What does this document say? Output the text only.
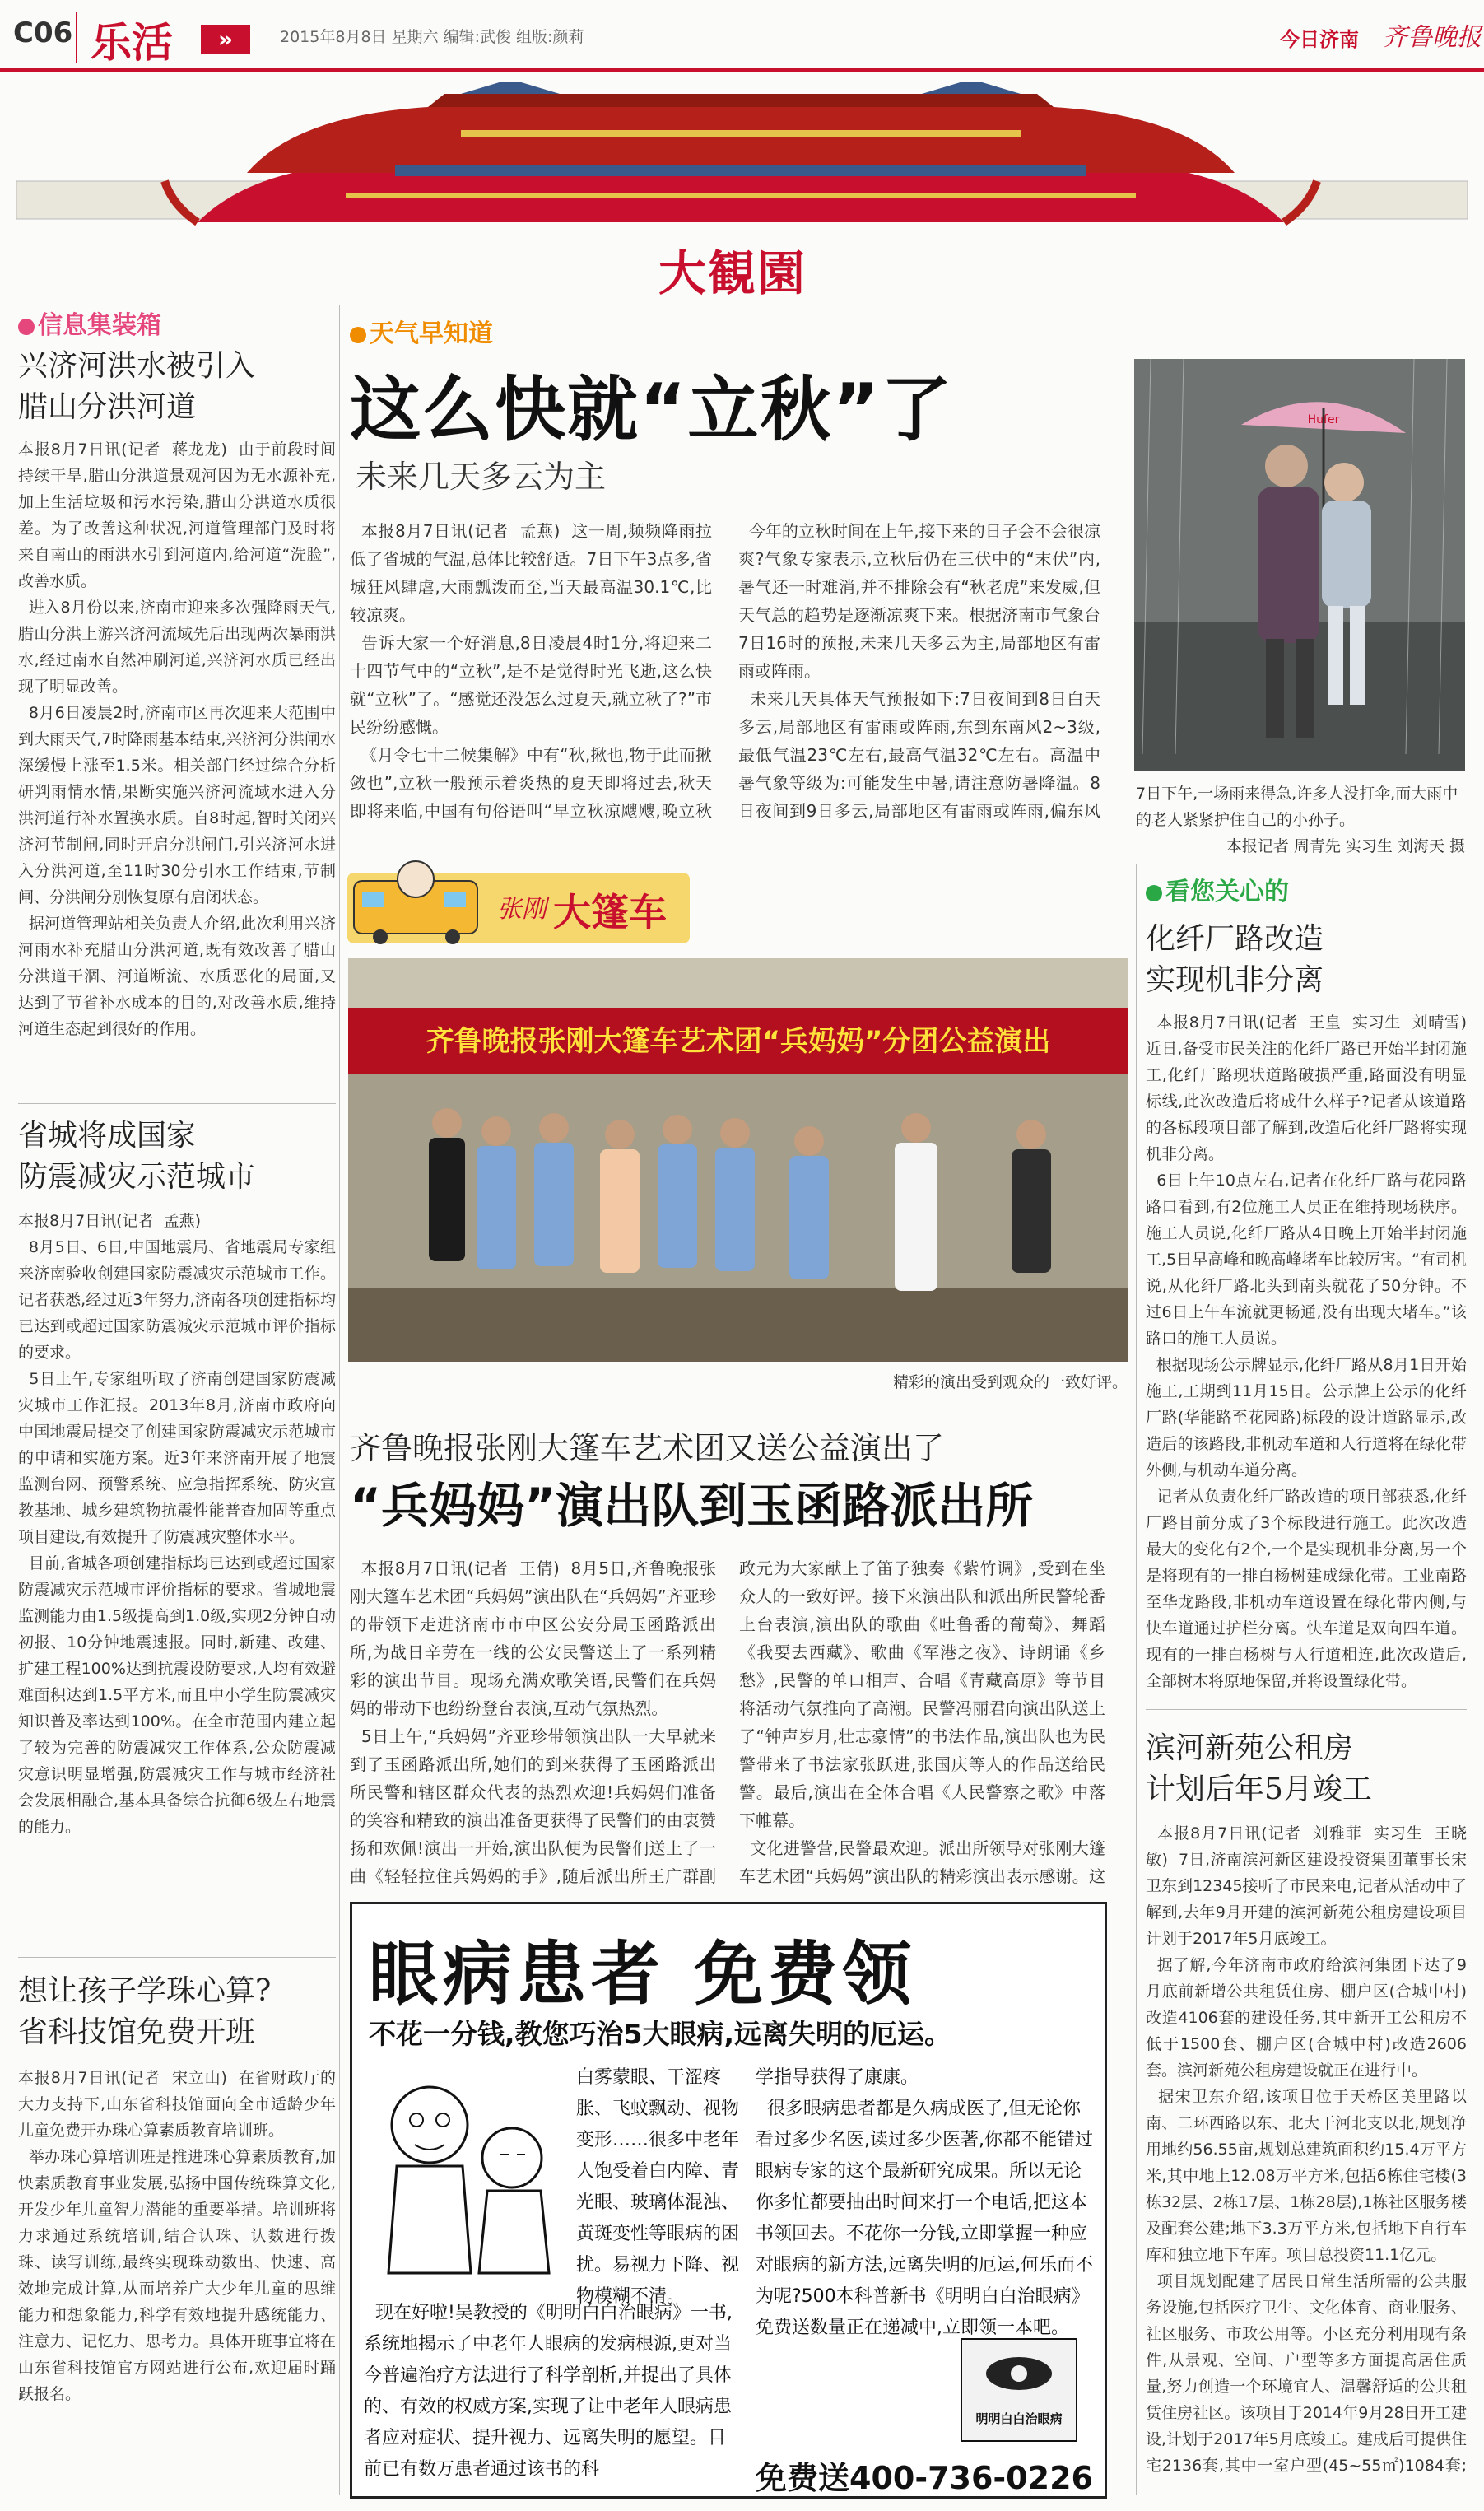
C06 乐活	»	2015年8月8日 星期六 编辑:武俊 组版:颜莉	今日济南 齐鲁晚报
大観園
信息集装箱
兴济河洪水被引入
腊山分洪河道
本报8月7日讯(记者  蒋龙龙)  由于前段时间持续干旱,腊山分洪道景观河因为无水源补充,加上生活垃圾和污水污染,腊山分洪道水质很差。为了改善这种状况,河道管理部门及时将来自南山的雨洪水引到河道内,给河道“洗脸”,改善水质。
进入8月份以来,济南市迎来多次强降雨天气,腊山分洪上游兴济河流域先后出现两次暴雨洪水,经过南水自然冲刷河道,兴济河水质已经出现了明显改善。
8月6日凌晨2时,济南市区再次迎来大范围中到大雨天气,7时降雨基本结束,兴济河分洪闸水深缓慢上涨至1.5米。相关部门经过综合分析研判雨情水情,果断实施兴济河流域水进入分洪河道行补水置换水质。自8时起,智时关闭兴济河节制闸,同时开启分洪闸门,引兴济河水进入分洪河道,至11时30分引水工作结束,节制闸、分洪闸分别恢复原有启闭状态。
据河道管理站相关负责人介绍,此次利用兴济河雨水补充腊山分洪河道,既有效改善了腊山分洪道干涸、河道断流、水质恶化的局面,又达到了节省补水成本的目的,对改善水质,维持河道生态起到很好的作用。
省城将成国家
防震减灾示范城市
本报8月7日讯(记者  孟燕)
8月5日、6日,中国地震局、省地震局专家组来济南验收创建国家防震减灾示范城市工作。记者获悉,经过近3年努力,济南各项创建指标均已达到或超过国家防震减灾示范城市评价指标的要求。
5日上午,专家组听取了济南创建国家防震减灾城市工作汇报。2013年8月,济南市政府向中国地震局提交了创建国家防震减灾示范城市的申请和实施方案。近3年来济南开展了地震监测台网、预警系统、应急指挥系统、防灾宣教基地、城乡建筑物抗震性能普查加固等重点项目建设,有效提升了防震减灾整体水平。
目前,省城各项创建指标均已达到或超过国家防震减灾示范城市评价指标的要求。省城地震监测能力由1.5级提高到1.0级,实现2分钟自动初报、10分钟地震速报。同时,新建、改建、扩建工程100%达到抗震设防要求,人均有效避难面积达到1.5平方米,而且中小学生防震减灾知识普及率达到100%。在全市范围内建立起了较为完善的防震减灾工作体系,公众防震减灾意识明显增强,防震减灾工作与城市经济社会发展相融合,基本具备综合抗御6级左右地震的能力。
想让孩子学珠心算?
省科技馆免费开班
本报8月7日讯(记者  宋立山)  在省财政厅的大力支持下,山东省科技馆面向全市适龄少年儿童免费开办珠心算素质教育培训班。
举办珠心算培训班是推进珠心算素质教育,加快素质教育事业发展,弘扬中国传统珠算文化,开发少年儿童智力潜能的重要举措。培训班将力求通过系统培训,结合认珠、认数进行拨珠、读写训练,最终实现珠动数出、快速、高效地完成计算,从而培养广大少年儿童的思维能力和想象能力,科学有效地提升感统能力、注意力、记忆力、思考力。具体开班事宜将在山东省科技馆官方网站进行公布,欢迎届时踊跃报名。
天气早知道
这么快就“立秋”了
未来几天多云为主
本报8月7日讯(记者  孟燕)  这一周,频频降雨拉低了省城的气温,总体比较舒适。7日下午3点多,省城狂风肆虐,大雨瓢泼而至,当天最高温30.1℃,比较凉爽。
告诉大家一个好消息,8日凌晨4时1分,将迎来二十四节气中的“立秋”,是不是觉得时光飞逝,这么快就“立秋”了。“感觉还没怎么过夏天,就立秋了?”市民纷纷感慨。
《月令七十二候集解》中有“秋,揪也,物于此而揪敛也”,立秋一般预示着炎热的夏天即将过去,秋天即将来临,中国有句俗语叫“早立秋凉飕飕,晚立秋
今年的立秋时间在上午,接下来的日子会不会很凉爽?气象专家表示,立秋后仍在三伏中的“末伏”内,暑气还一时难消,并不排除会有“秋老虎”来发威,但天气总的趋势是逐渐凉爽下来。根据济南市气象台7日16时的预报,未来几天多云为主,局部地区有雷雨或阵雨。
未来几天具体天气预报如下:7日夜间到8日白天多云,局部地区有雷雨或阵雨,东到东南风2~3级,最低气温23℃左右,最高气温32℃左右。高温中暑气象等级为:可能发生中暑,请注意防暑降温。8日夜间到9日多云,局部地区有雷雨或阵雨,偏东风
Hufer
7日下午,一场雨来得急,许多人没打伞,而大雨中的老人紧紧护住自己的小孙子。
本报记者 周青先 实习生 刘海天 摄
张刚 大篷车
齐鲁晚报张刚大篷车艺术团“兵妈妈”分团公益演出
精彩的演出受到观众的一致好评。
齐鲁晚报张刚大篷车艺术团又送公益演出了
“兵妈妈”演出队到玉函路派出所
本报8月7日讯(记者  王倩)  8月5日,齐鲁晚报张刚大篷车艺术团“兵妈妈”演出队在“兵妈妈”齐亚珍的带领下走进济南市市中区公安分局玉函路派出所,为战日辛劳在一线的公安民警送上了一系列精彩的演出节目。现场充满欢歌笑语,民警们在兵妈妈的带动下也纷纷登台表演,互动气氛热烈。
5日上午,“兵妈妈”齐亚珍带领演出队一大早就来到了玉函路派出所,她们的到来获得了玉函路派出所民警和辖区群众代表的热烈欢迎!兵妈妈们准备的笑容和精致的演出准备更获得了民警们的由衷赞扬和欢佩!演出一开始,演出队便为民警们送上了一曲《轻轻拉住兵妈妈的手》,随后派出所王广群副
政元为大家献上了笛子独奏《紫竹调》,受到在坐众人的一致好评。接下来演出队和派出所民警轮番上台表演,演出队的歌曲《吐鲁番的葡萄》、舞蹈《我要去西藏》、歌曲《军港之夜》、诗朗诵《乡愁》,民警的单口相声、合唱《青藏高原》等节目将活动气氛推向了高潮。民警冯丽君向演出队送上了“钟声岁月,壮志豪情”的书法作品,演出队也为民警带来了书法家张跃进,张国庆等人的作品送给民警。最后,演出在全体合唱《人民警察之歌》中落下帷幕。
文化进警营,民警最欢迎。派出所领导对张刚大篷车艺术团“兵妈妈”演出队的精彩演出表示感谢。这
眼病患者 免费领
不花一分钱,教您巧治5大眼病,远离失明的厄运。
白雾蒙眼、干涩疼胀、飞蚊飘动、视物变形……很多中老年人饱受着白内障、青光眼、玻璃体混浊、黄斑变性等眼病的困扰。易视力下降、视物模糊不清。
现在好啦!吴教授的《明明白白治眼病》一书,系统地揭示了中老年人眼病的发病根源,更对当今普遍治疗方法进行了科学剖析,并提出了具体的、有效的权威方案,实现了让中老年人眼病患者应对症状、提升视力、远离失明的愿望。目前已有数万患者通过该书的科
学指导获得了康康。
很多眼病患者都是久病成医了,但无论你看过多少名医,读过多少医著,你都不能错过眼病专家的这个最新研究成果。所以无论你多忙都要抽出时间来打一个电话,把这本书领回去。不花你一分钱,立即掌握一种应对眼病的新方法,远离失明的厄运,何乐而不为呢?500本科普新书《明明白白治眼病》免费送数量正在递减中,立即领一本吧。
明明白白治眼病
免费送400-736-0226
看您关心的
化纤厂路改造
实现机非分离
本报8月7日讯(记者  王皇  实习生  刘晴雪)  近日,备受市民关注的化纤厂路已开始半封闭施工,化纤厂路现状道路破损严重,路面没有明显标线,此次改造后将成什么样子?记者从该道路的各标段项目部了解到,改造后化纤厂路将实现机非分离。
6日上午10点左右,记者在化纤厂路与花园路路口看到,有2位施工人员正在维持现场秩序。施工人员说,化纤厂路从4日晚上开始半封闭施工,5日早高峰和晚高峰堵车比较厉害。“有司机说,从化纤厂路北头到南头就花了50分钟。不过6日上午车流就更畅通,没有出现大堵车。”该路口的施工人员说。
根据现场公示牌显示,化纤厂路从8月1日开始施工,工期到11月15日。公示牌上公示的化纤厂路(华能路至花园路)标段的设计道路显示,改造后的该路段,非机动车道和人行道将在绿化带外侧,与机动车道分离。
记者从负责化纤厂路改造的项目部获悉,化纤厂路目前分成了3个标段进行施工。此次改造最大的变化有2个,一个是实现机非分离,另一个是将现有的一排白杨树建成绿化带。工业南路至华龙路段,非机动车道设置在绿化带内侧,与快车道通过护栏分离。快车道是双向四车道。现有的一排白杨树与人行道相连,此次改造后,全部树木将原地保留,并将设置绿化带。
滨河新苑公租房
计划后年5月竣工
本报8月7日讯(记者  刘雅菲  实习生  王晓敏)  7日,济南滨河新区建设投资集团董事长宋卫东到12345接听了市民来电,记者从活动中了解到,去年9月开建的滨河新苑公租房建设项目计划于2017年5月底竣工。
据了解,今年济南市政府给滨河集团下达了9月底前新增公共租赁住房、棚户区(合城中村)改造4106套的建设任务,其中新开工公租房不低于1500套、棚户区(合城中村)改造2606套。滨河新苑公租房建设就正在进行中。
据宋卫东介绍,该项目位于天桥区美里路以南、二环西路以东、北大干河北支以北,规划净用地约56.55亩,规划总建筑面积约15.4万平方米,其中地上12.08万平方米,包括6栋住宅楼(3栋32层、2栋17层、1栋28层),1栋社区服务楼及配套公建;地下3.3万平方米,包括地下自行车库和独立地下车库。项目总投资11.1亿元。
项目规划配建了居民日常生活所需的公共服务设施,包括医疗卫生、文化体育、商业服务、社区服务、市政公用等。小区充分利用现有条件,从景观、空间、户型等多方面提高居住质量,努力创造一个环境宜人、温馨舒适的公共租赁住房社区。该项目于2014年9月28日开工建设,计划于2017年5月底竣工。建成后可提供住宅2136套,其中一室户型(45~55㎡)1084套;
